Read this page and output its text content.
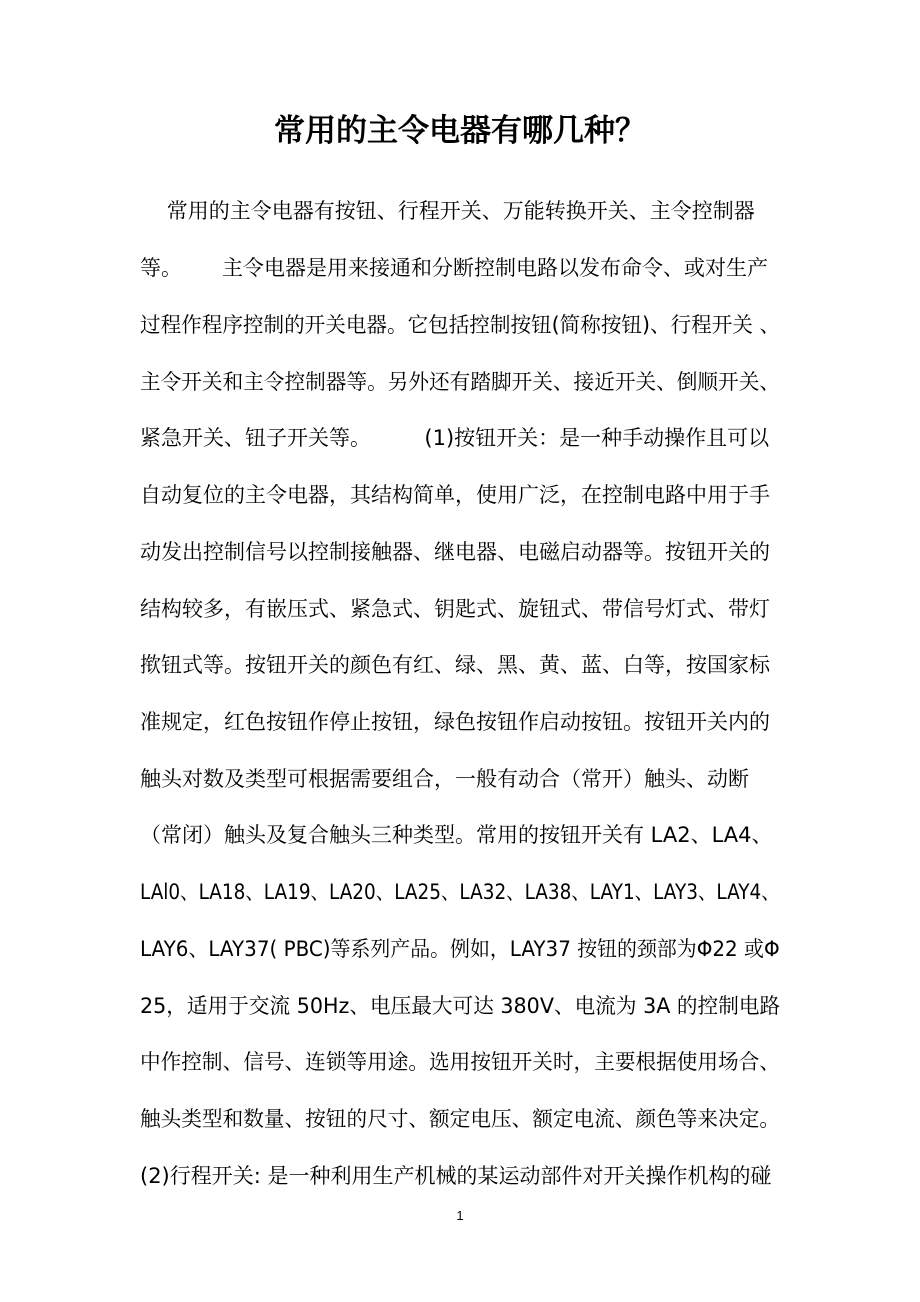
常用的主令电器有哪几种？
常用的主令电器有按钮、行程开关、万能转换开关、主令控制器
等。      主令电器是用来接通和分断控制电路以发布命令、或对生产
过程作程序控制的开关电器。它包括控制按钮(简称按钮)、行程开关 、
主令开关和主令控制器等。另外还有踏脚开关、接近开关、倒顺开关、
紧急开关、钮子开关等。        (1)按钮开关：是一种手动操作且可以
自动复位的主令电器，其结构简单，使用广泛，在控制电路中用于手
动发出控制信号以控制接触器、继电器、电磁启动器等。按钮开关的
结构较多，有嵌压式、紧急式、钥匙式、旋钮式、带信号灯式、带灯
揿钮式等。按钮开关的颜色有红、绿、黑、黄、蓝、白等，按国家标
准规定，红色按钮作停止按钮，绿色按钮作启动按钮。按钮开关内的
触头对数及类型可根据需要组合，一般有动合（常开）触头、动断
（常闭）触头及复合触头三种类型。常用的按钮开关有 LA2、LA4、
LAl0、LA18、LA19、LA20、LA25、LA32、LA38、LAY1、LAY3、LAY4、
LAY6、LAY37( PBC)等系列产品。例如，LAY37 按钮的颈部为Φ22 或Φ
25，适用于交流 50Hz、电压最大可达 380V、电流为 3A 的控制电路
中作控制、信号、连锁等用途。选用按钮开关时，主要根据使用场合、
触头类型和数量、按钮的尺寸、额定电压、额定电流、颜色等来决定。
(2)行程开关: 是一种利用生产机械的某运动部件对开关操作机构的碰
1
